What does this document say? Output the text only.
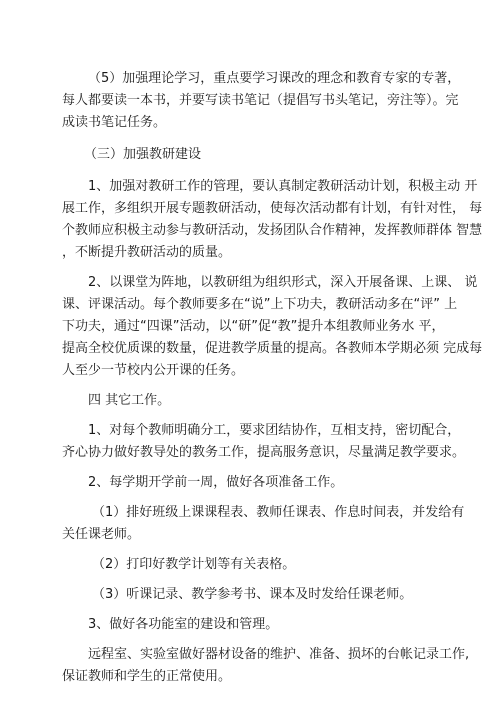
（5）加强理论学习，重点要学习课改的理念和教育专家的专著，
每人都要读一本书，并要写读书笔记（提倡写书头笔记，旁注等）。完
成读书笔记任务。

（三）加强教研建设

1、加强对教研工作的管理，要认真制定教研活动计划，积极主动 开
展工作，多组织开展专题教研活动，使每次活动都有计划，有针对性， 每
个教师应积极主动参与教研活动，发扬团队合作精神，发挥教师群体 智慧
，不断提升教研活动的质量。

2、以课堂为阵地，以教研组为组织形式，深入开展备课、上课、 说
课、评课活动。每个教师要多在“说”上下功夫，教研活动多在“评” 上
下功夫，通过“四课”活动，以“研”促“教”提升本组教师业务水 平，
提高全校优质课的数量，促进教学质量的提高。各教师本学期必须 完成每
人至少一节校内公开课的任务。

四 其它工作。

1、对每个教师明确分工，要求团结协作，互相支持，密切配合，
齐心协力做好教导处的教务工作，提高服务意识，尽量满足教学要求。

2、每学期开学前一周，做好各项准备工作。

（1）排好班级上课课程表、教师任课表、作息时间表，并发给有
关任课老师。

（2）打印好教学计划等有关表格。

（3）听课记录、教学参考书、课本及时发给任课老师。

3、做好各功能室的建设和管理。

远程室、实验室做好器材设备的维护、准备、损坏的台帐记录工作,
保证教师和学生的正常使用。
